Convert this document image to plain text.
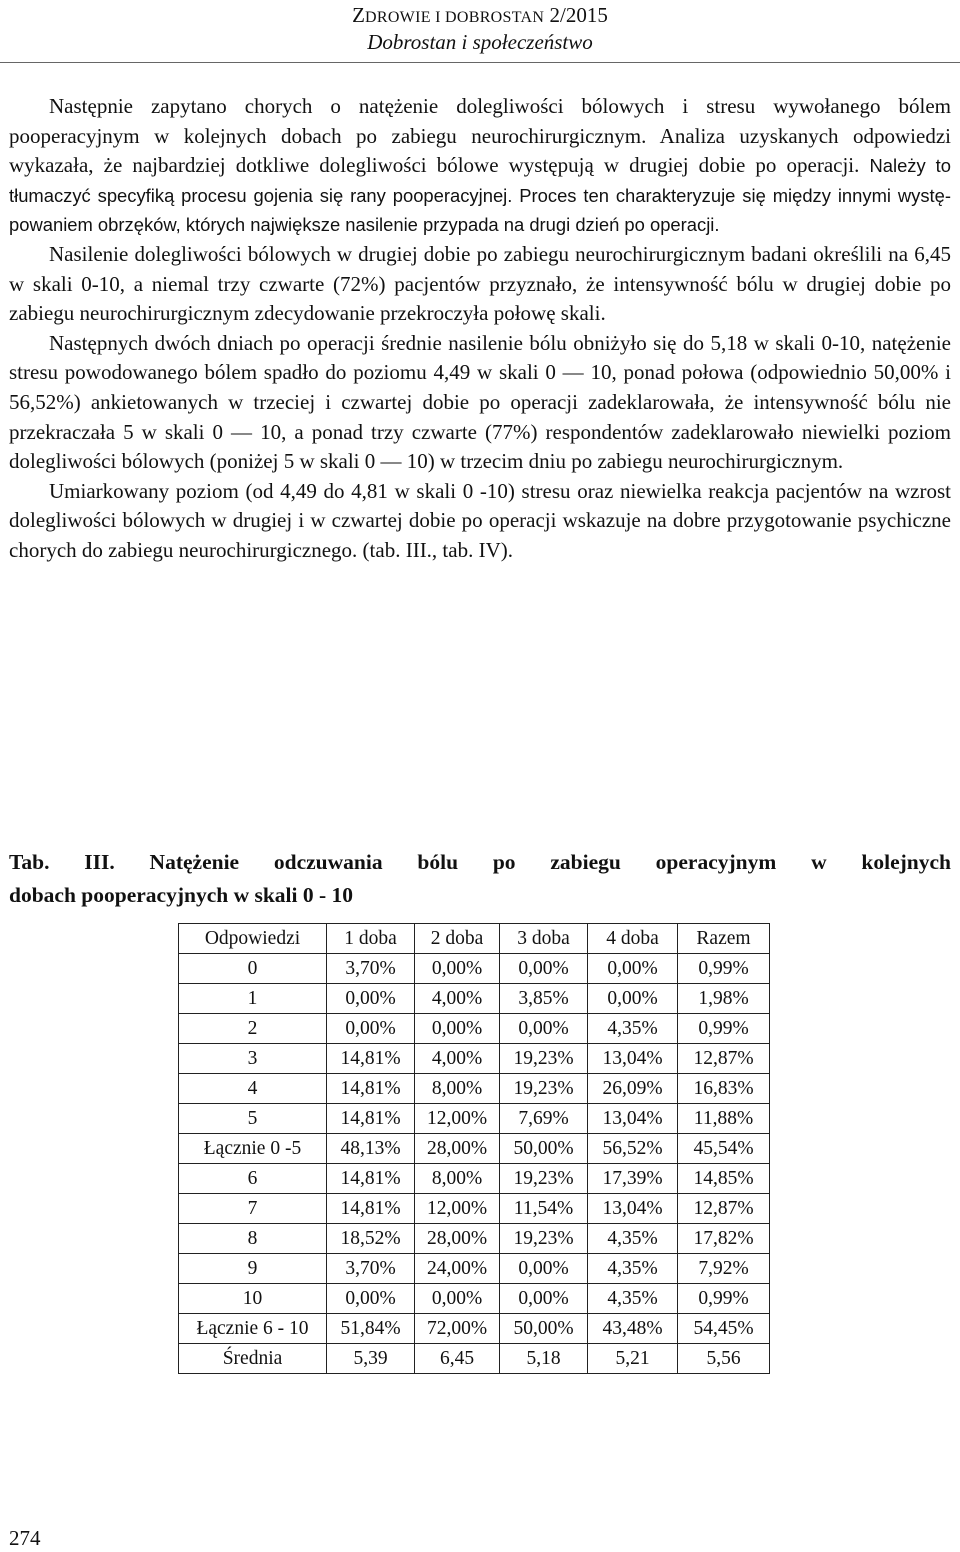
ZDROWIE I DOBROSTAN 2/2015
Dobrostan i społeczeństwo

Następnie zapytano chorych o natężenie dolegliwości bólowych i stresu wywołanego bólem pooperacyjnym w kolejnych dobach po zabiegu neurochirurgicznym. Analiza uzyskanych odpowiedzi wykazała, że najbardziej dotkliwe dolegliwości bólowe występują w drugiej dobie po operacji. Należy to tłumaczyć specyfiką procesu gojenia się rany pooperacyjnej. Proces ten charakteryzuje się między innymi występowaniem obrzęków, których największe nasilenie przypada na drugi dzień po operacji.

Nasilenie dolegliwości bólowych w drugiej dobie po zabiegu neurochirurgicznym badani określili na 6,45 w skali 0-10, a niemal trzy czwarte (72%) pacjentów przyznało, że intensywność bólu w drugiej dobie po zabiegu neurochirurgicznym zdecydowanie przekroczyła połowę skali.

Następnych dwóch dniach po operacji średnie nasilenie bólu obniżyło się do 5,18 w skali 0-10, natężenie stresu powodowanego bólem spadło do poziomu 4,49 w skali 0 — 10, ponad połowa (odpowiednio 50,00% i 56,52%) ankietowanych w trzeciej i czwartej dobie po operacji zadeklarowała, że intensywność bólu nie przekraczała 5 w skali 0 — 10, a ponad trzy czwarte (77%) respondentów zadeklarowało niewielki poziom dolegliwości bólowych (poniżej 5 w skali 0 — 10) w trzecim dniu po zabiegu neurochirurgicznym.

Umiarkowany poziom (od 4,49 do 4,81 w skali 0 -10) stresu oraz niewielka reakcja pacjentów na wzrost dolegliwości bólowych w drugiej i w czwartej dobie po operacji wskazuje na dobre przygotowanie psychiczne chorych do zabiegu neurochirurgicznego. (tab. III., tab. IV).

Tab. III. Natężenie odczuwania bólu po zabiegu operacyjnym w kolejnych
dobach pooperacyjnych w skali 0 - 10
Odpowiedzi	1 doba	2 doba	3 doba	4 doba	Razem
0	3,70%	0,00%	0,00%	0,00%	0,99%
1	0,00%	4,00%	3,85%	0,00%	1,98%
2	0,00%	0,00%	0,00%	4,35%	0,99%
3	14,81%	4,00%	19,23%	13,04%	12,87%
4	14,81%	8,00%	19,23%	26,09%	16,83%
5	14,81%	12,00%	7,69%	13,04%	11,88%
Łącznie 0 -5	48,13%	28,00%	50,00%	56,52%	45,54%
6	14,81%	8,00%	19,23%	17,39%	14,85%
7	14,81%	12,00%	11,54%	13,04%	12,87%
8	18,52%	28,00%	19,23%	4,35%	17,82%
9	3,70%	24,00%	0,00%	4,35%	7,92%
10	0,00%	0,00%	0,00%	4,35%	0,99%
Łącznie 6 - 10	51,84%	72,00%	50,00%	43,48%	54,45%
Średnia	5,39	6,45	5,18	5,21	5,56
274
